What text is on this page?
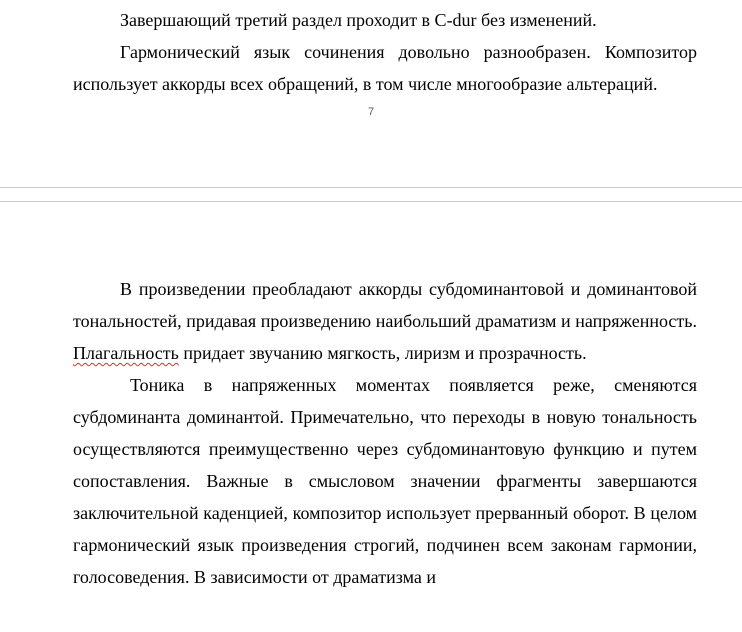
Завершающий третий раздел проходит в C-dur без изменений.

Гармонический язык сочинения довольно разнообразен. Композитор использует аккорды всех обращений, в том числе многообразие альтераций.

7

В произведении преобладают аккорды субдоминантовой и доминантовой тональностей, придавая произведению наибольший драматизм и напряженность. Плагальность придает звучанию мягкость, лиризм и прозрачность.

Тоника в напряженных моментах появляется реже, сменяются субдоминанта доминантой. Примечательно, что переходы в новую тональность осуществляются преимущественно через субдоминантовую функцию и путем сопоставления. Важные в смысловом значении фрагменты завершаются заключительной каденцией, композитор использует прерванный оборот. В целом гармонический язык произведения строгий, подчинен всем законам гармонии, голосоведения. В зависимости от драматизма и
